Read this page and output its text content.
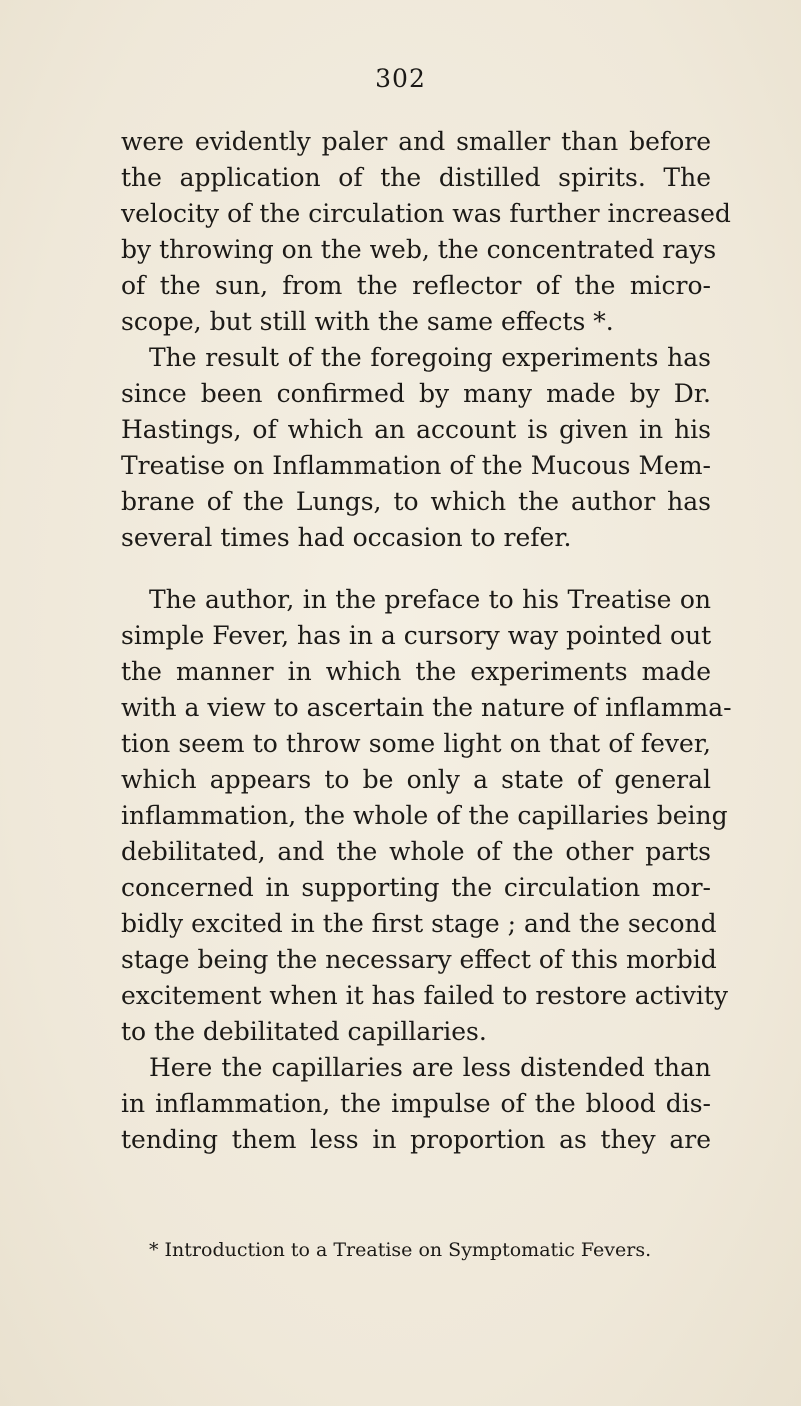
302
were evidently paler and smaller than before
the application of the distilled spirits. The
velocity of the circulation was further increased
by throwing on the web, the concentrated rays
of the sun, from the reflector of the micro-
scope, but still with the same effects *.
The result of the foregoing experiments has
since been confirmed by many made by Dr.
Hastings, of which an account is given in his
Treatise on Inflammation of the Mucous Mem-
brane of the Lungs, to which the author has
several times had occasion to refer.
The author, in the preface to his Treatise on
simple Fever, has in a cursory way pointed out
the manner in which the experiments made
with a view to ascertain the nature of inflamma-
tion seem to throw some light on that of fever,
which appears to be only a state of general
inflammation, the whole of the capillaries being
debilitated, and the whole of the other parts
concerned in supporting the circulation mor-
bidly excited in the first stage ; and the second
stage being the necessary effect of this morbid
excitement when it has failed to restore activity
to the debilitated capillaries.
Here the capillaries are less distended than
in inflammation, the impulse of the blood dis-
tending them less in proportion as they are
* Introduction to a Treatise on Symptomatic Fevers.
